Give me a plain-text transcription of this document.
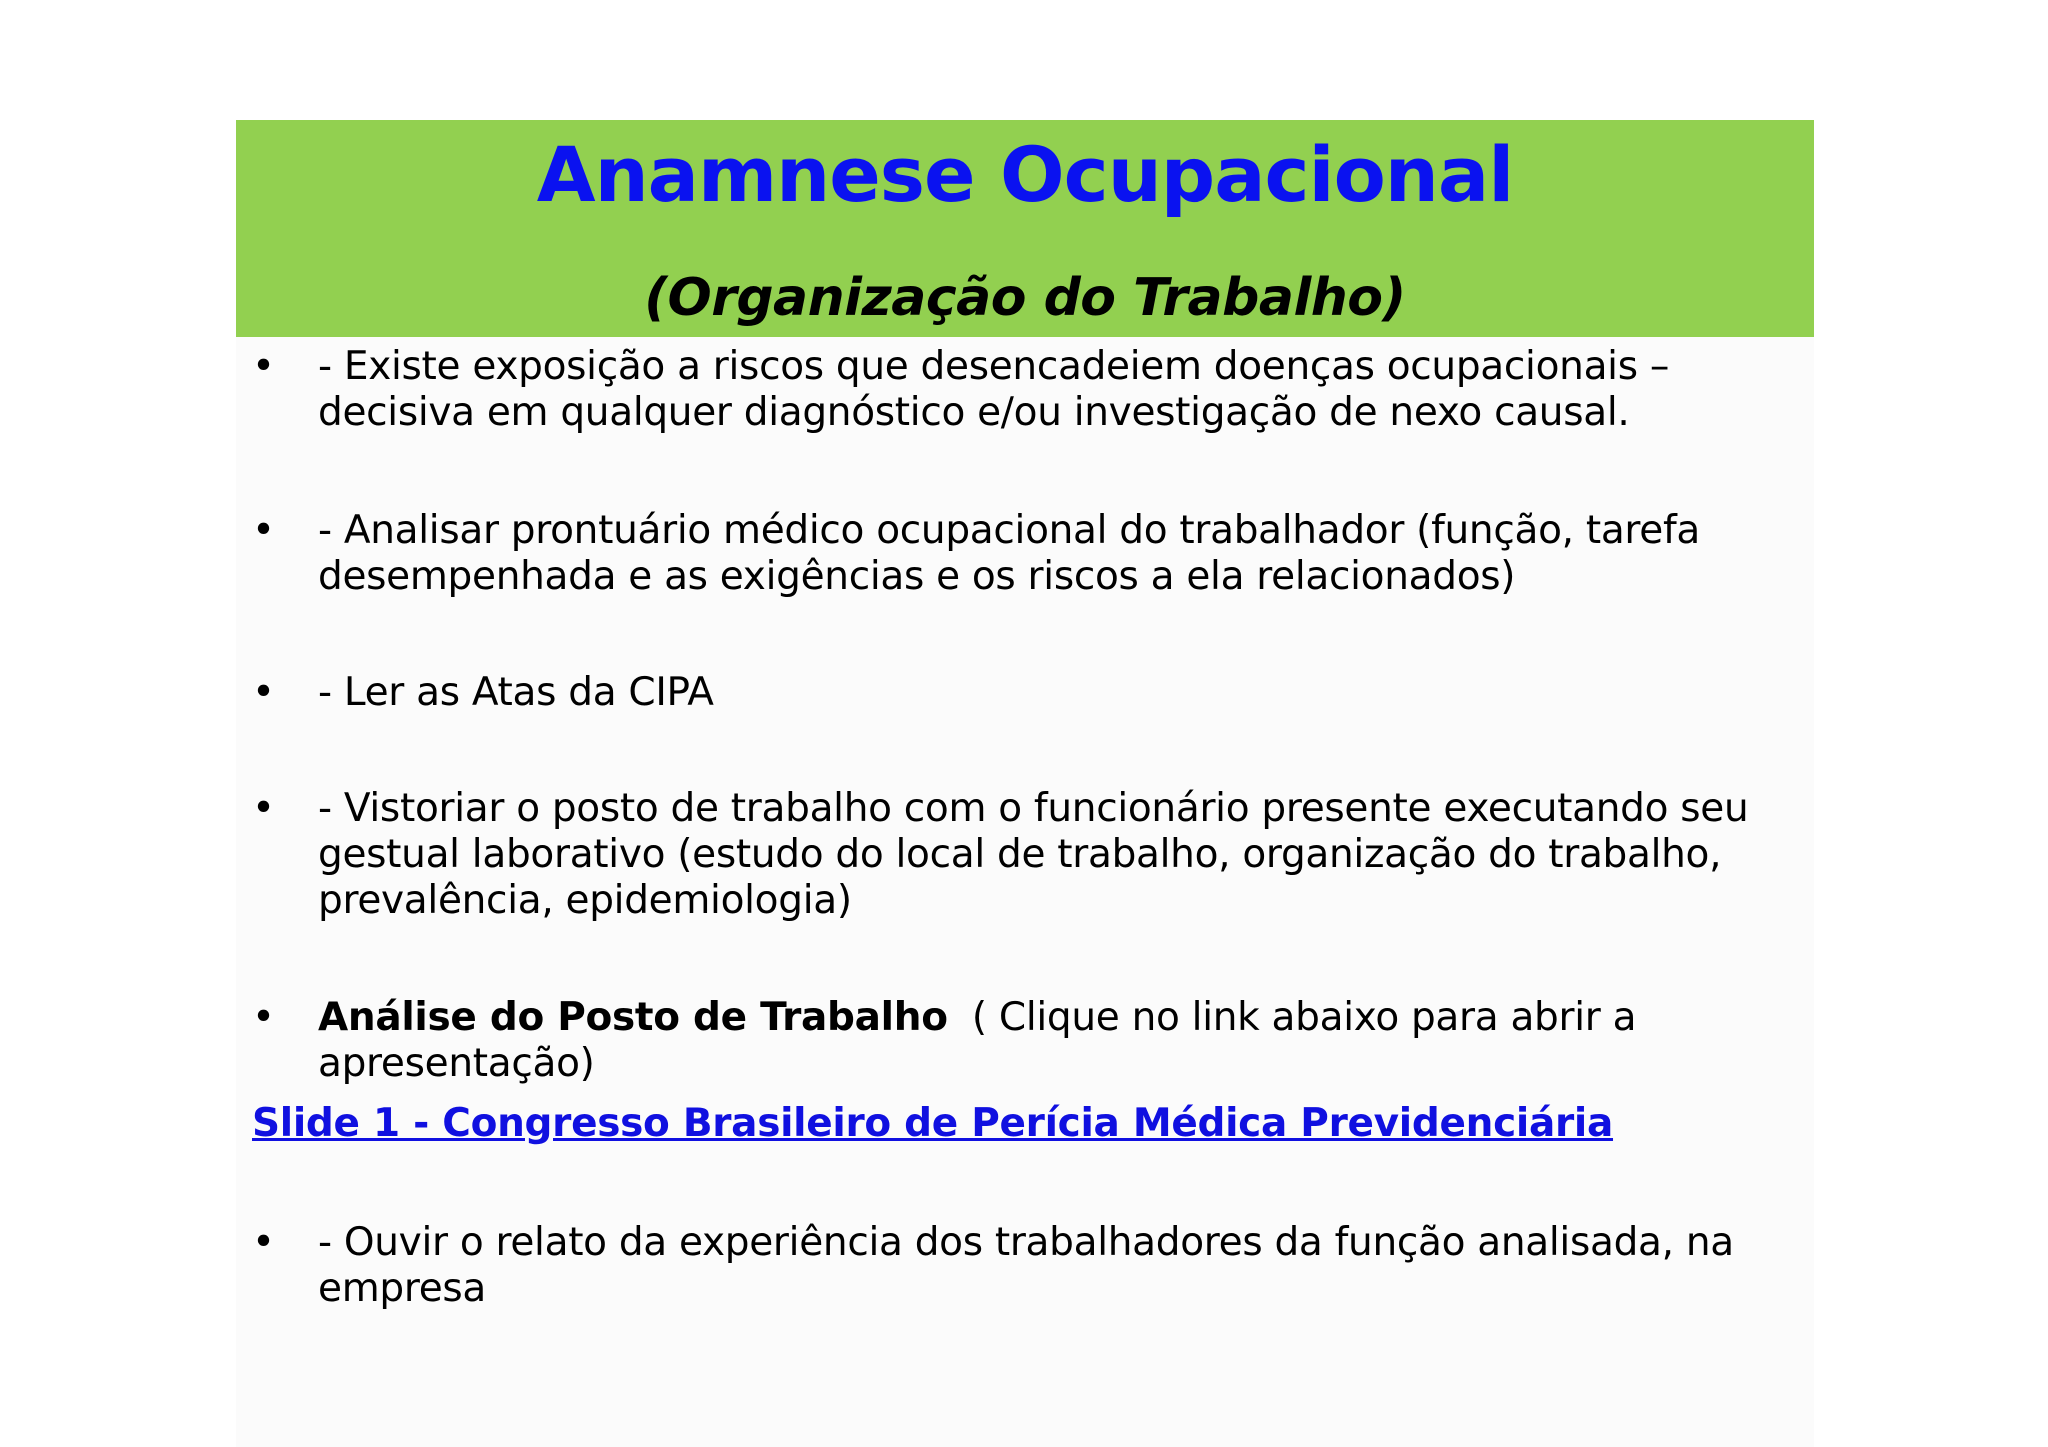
Anamnese Ocupacional
(Organização do Trabalho)
•	- Existe exposição a riscos que desencadeiem doenças ocupacionais –
decisiva em qualquer diagnóstico e/ou investigação de nexo causal.
•	- Analisar prontuário médico ocupacional do trabalhador (função, tarefa
desempenhada e as exigências e os riscos a ela relacionados)
•	- Ler as Atas da CIPA
•	- Vistoriar o posto de trabalho com o funcionário presente executando seu
gestual laborativo (estudo do local de trabalho, organização do trabalho,
prevalência, epidemiologia)
•	Análise do Posto de Trabalho ( Clique no link abaixo para abrir a
apresentação)
Slide 1 - Congresso Brasileiro de Perícia Médica Previdenciária
•	- Ouvir o relato da experiência dos trabalhadores da função analisada, na
empresa
